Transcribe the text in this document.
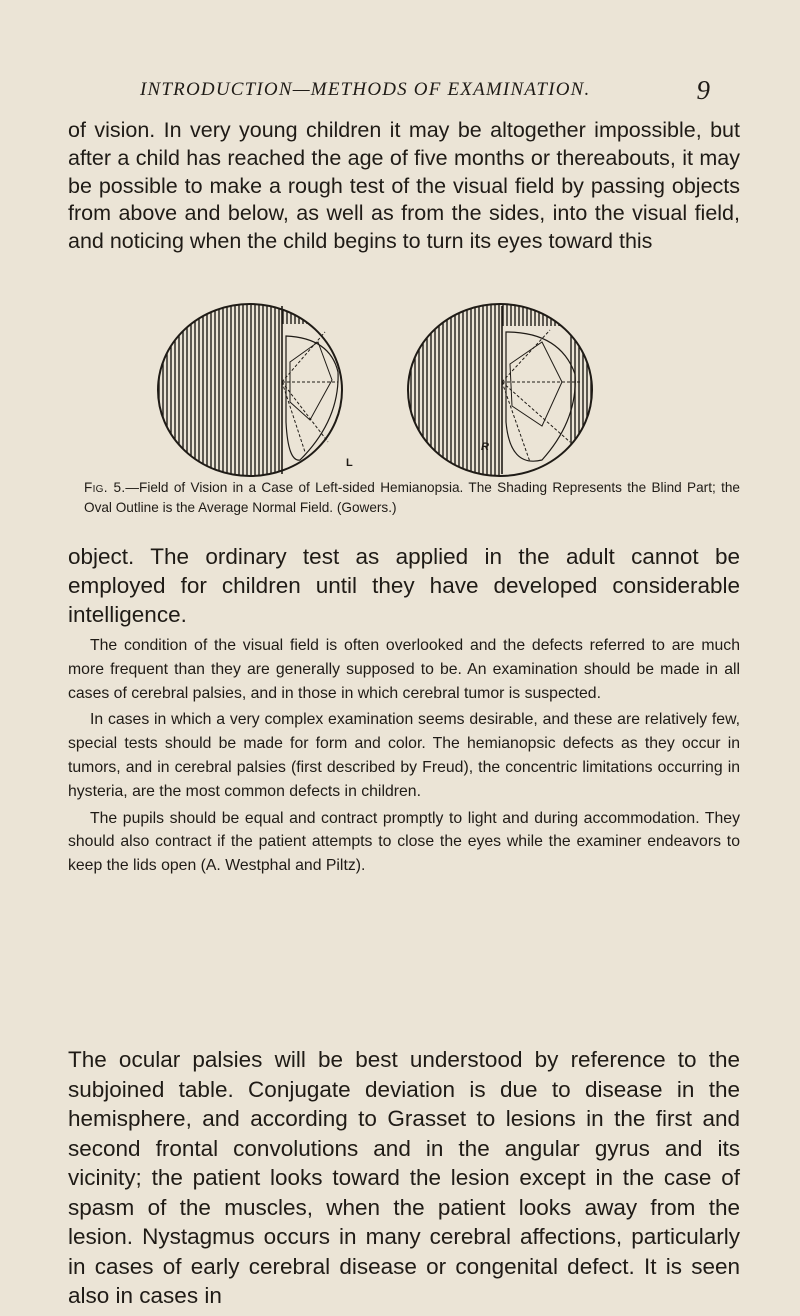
INTRODUCTION—METHODS OF EXAMINATION.	9
of vision. In very young children it may be altogether impossible, but after a child has reached the age of five months or thereabouts, it may be possible to make a rough test of the visual field by passing objects from above and below, as well as from the sides, into the visual field, and noticing when the child begins to turn its eyes toward this
L
R
Fig. 5.—Field of Vision in a Case of Left-sided Hemianopsia. The Shading Represents the Blind Part; the Oval Outline is the Average Normal Field. (Gowers.)
object. The ordinary test as applied in the adult cannot be employed for children until they have developed considerable intelligence.

The condition of the visual field is often overlooked and the defects referred to are much more frequent than they are generally supposed to be. An examination should be made in all cases of cerebral palsies, and in those in which cerebral tumor is suspected.

In cases in which a very complex examination seems desirable, and these are relatively few, special tests should be made for form and color. The hemianopsic defects as they occur in tumors, and in cerebral palsies (first described by Freud), the concentric limitations occurring in hysteria, are the most common defects in children.

The pupils should be equal and contract promptly to light and during accommodation. They should also contract if the patient attempts to close the eyes while the examiner endeavors to keep the lids open (A. Westphal and Piltz).

The ocular palsies will be best understood by reference to the subjoined table. Conjugate deviation is due to disease in the hemisphere, and according to Grasset to lesions in the first and second frontal convolutions and in the angular gyrus and its vicinity; the patient looks toward the lesion except in the case of spasm of the muscles, when the patient looks away from the lesion. Nystagmus occurs in many cerebral affections, particularly in cases of early cerebral disease or congenital defect. It is seen also in cases in
